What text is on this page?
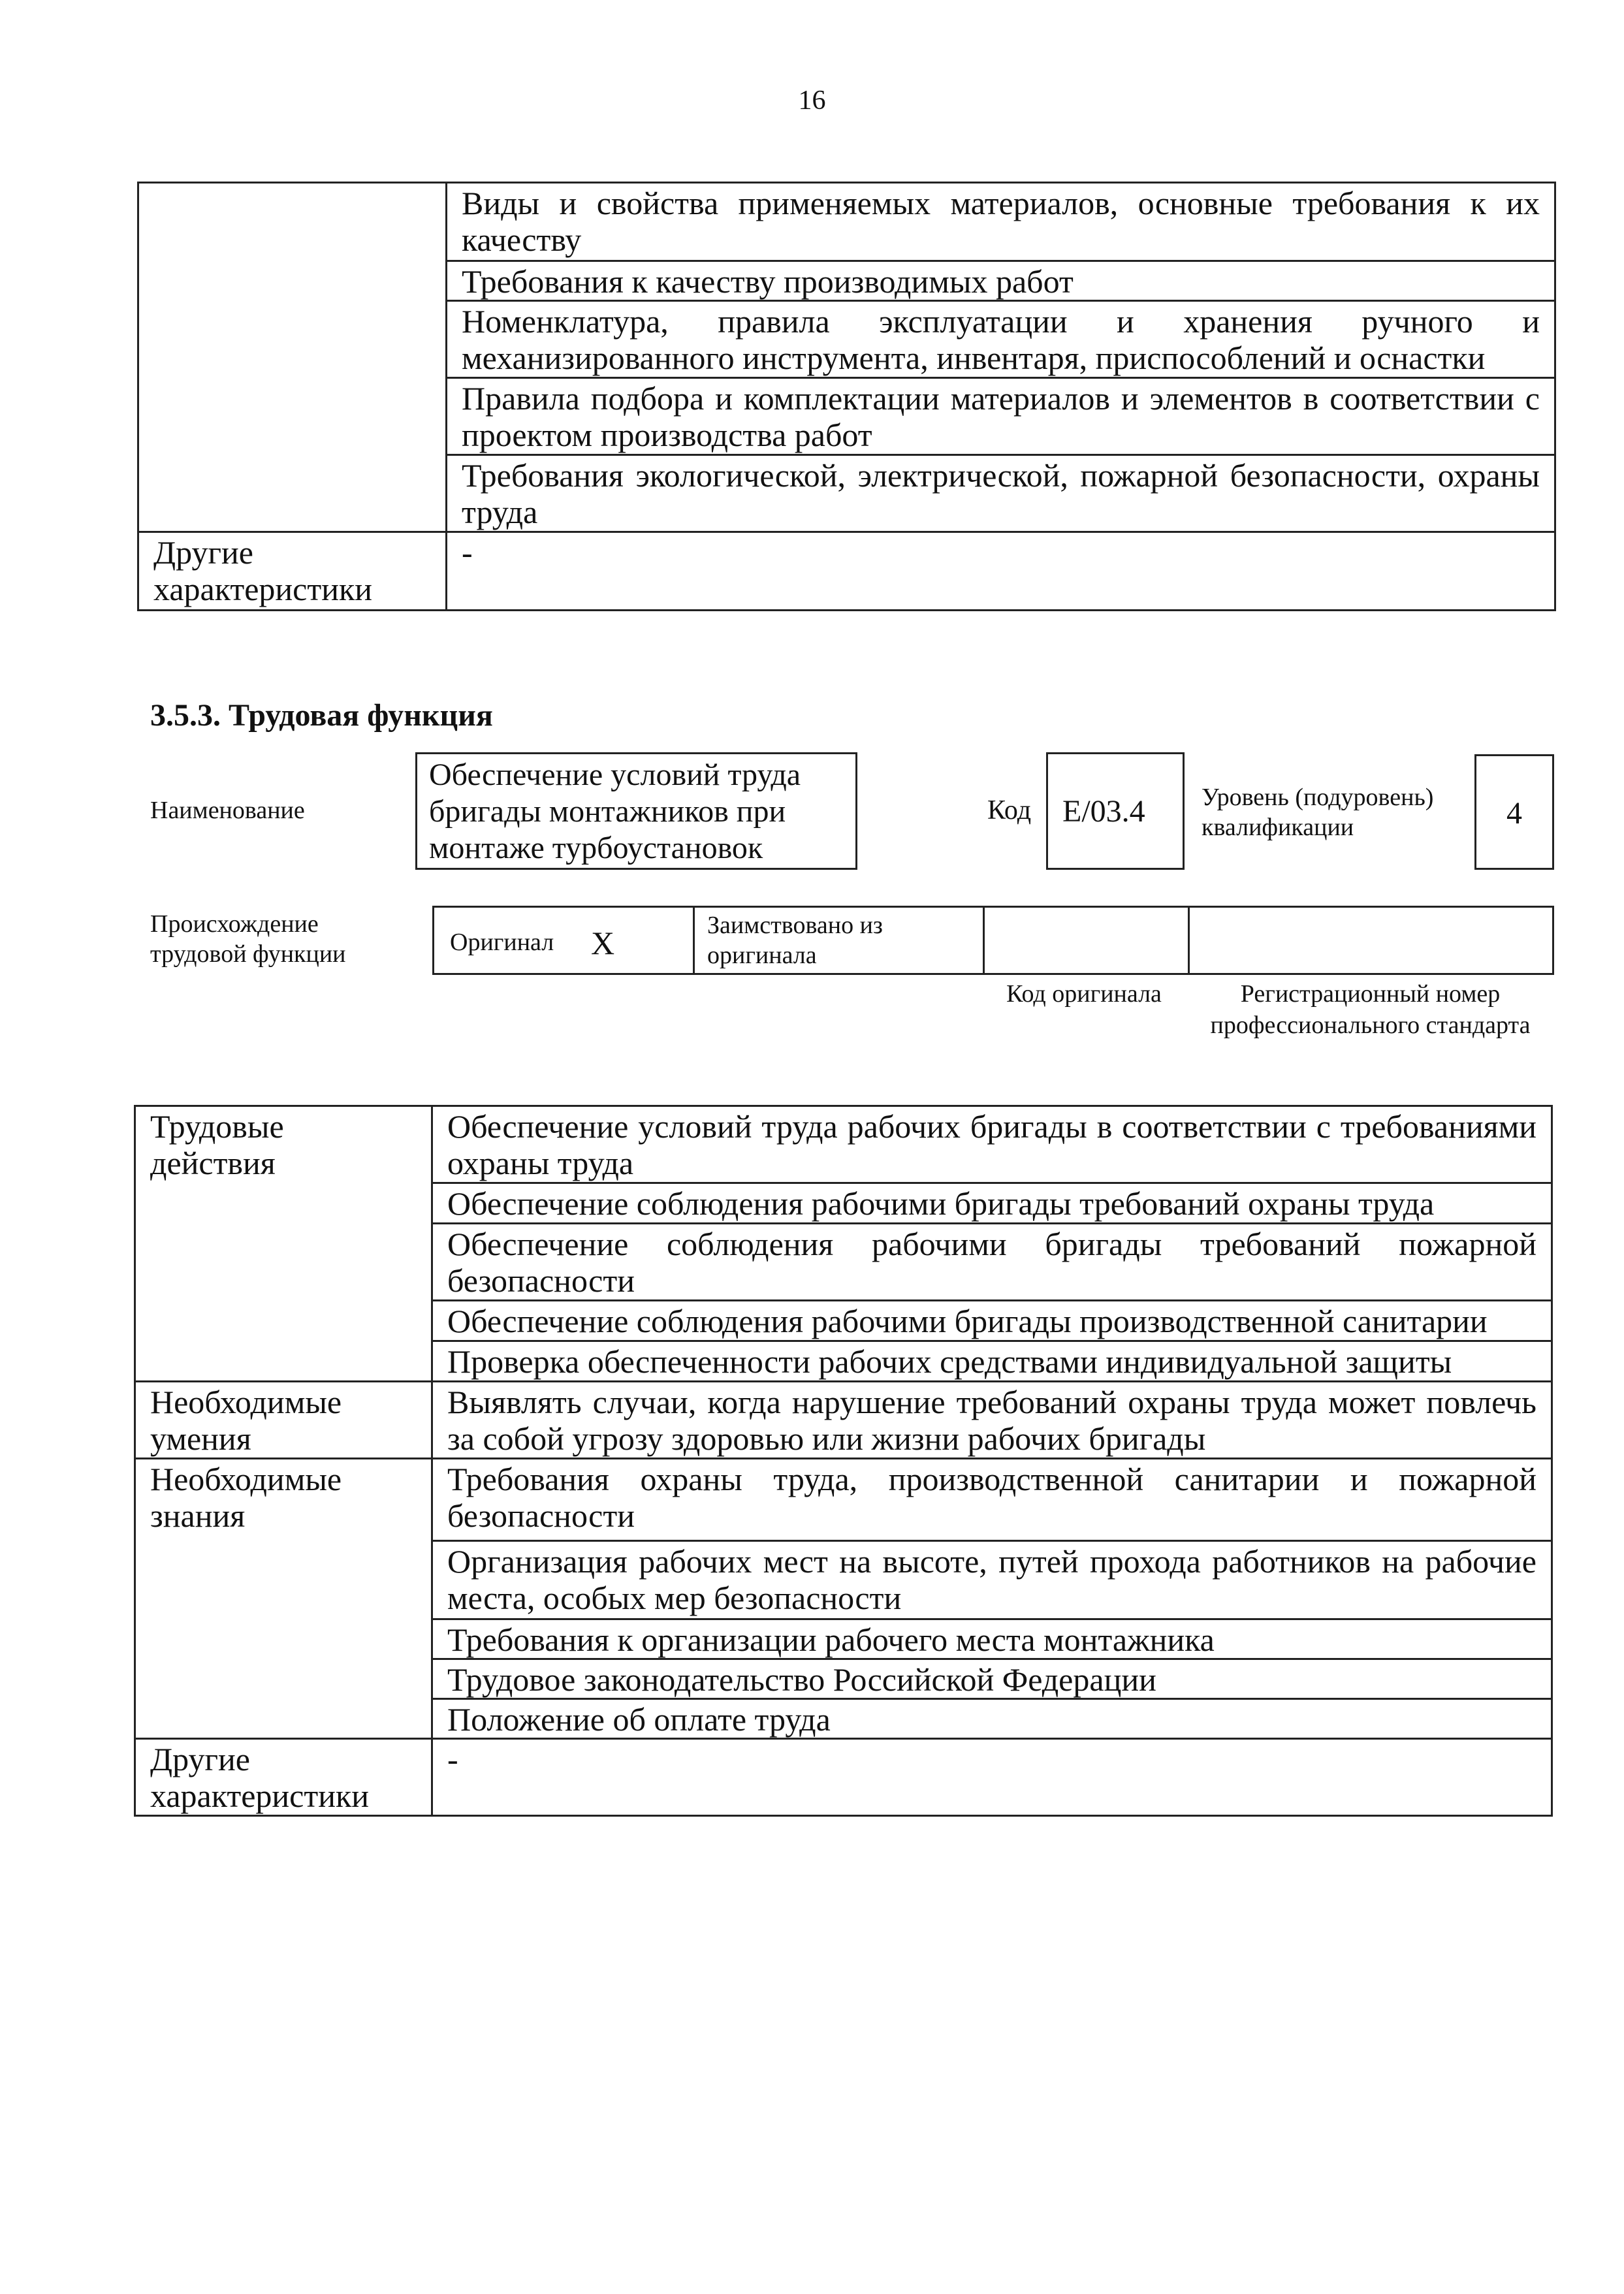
16
	Виды и свойства применяемых материалов, основные требования к их качеству
	Требования к качеству производимых работ
	Номенклатура, правила эксплуатации и хранения ручного и механизированного инструмента, инвентаря, приспособлений и оснастки
	Правила подбора и комплектации материалов и элементов в соответствии с проектом производства работ
	Требования экологической, электрической, пожарной безопасности, охраны труда
Другие характеристики	-
3.5.3. Трудовая функция
Наименование
Обеспечение условий труда бригады монтажников при монтаже турбоустановок
Код E/03.4 Уровень (подуровень) квалификации	4
Происхождение трудовой функции	Оригинал X	Заимствовано из оригинала
Код оригинала	Регистрационный номер профессионального стандарта
Трудовые действия	Обеспечение условий труда рабочих бригады в соответствии с требованиями охраны труда
	Обеспечение соблюдения рабочими бригады требований охраны труда
	Обеспечение соблюдения рабочими бригады требований пожарной безопасности
	Обеспечение соблюдения рабочими бригады производственной санитарии
	Проверка обеспеченности рабочих средствами индивидуальной защиты
Необходимые умения	Выявлять случаи, когда нарушение требований охраны труда может повлечь за собой угрозу здоровью или жизни рабочих бригады
Необходимые знания	Требования охраны труда, производственной санитарии и пожарной безопасности
	Организация рабочих мест на высоте, путей прохода работников на рабочие места, особых мер безопасности
	Требования к организации рабочего места монтажника
	Трудовое законодательство Российской Федерации
	Положение об оплате труда
Другие характеристики	-
